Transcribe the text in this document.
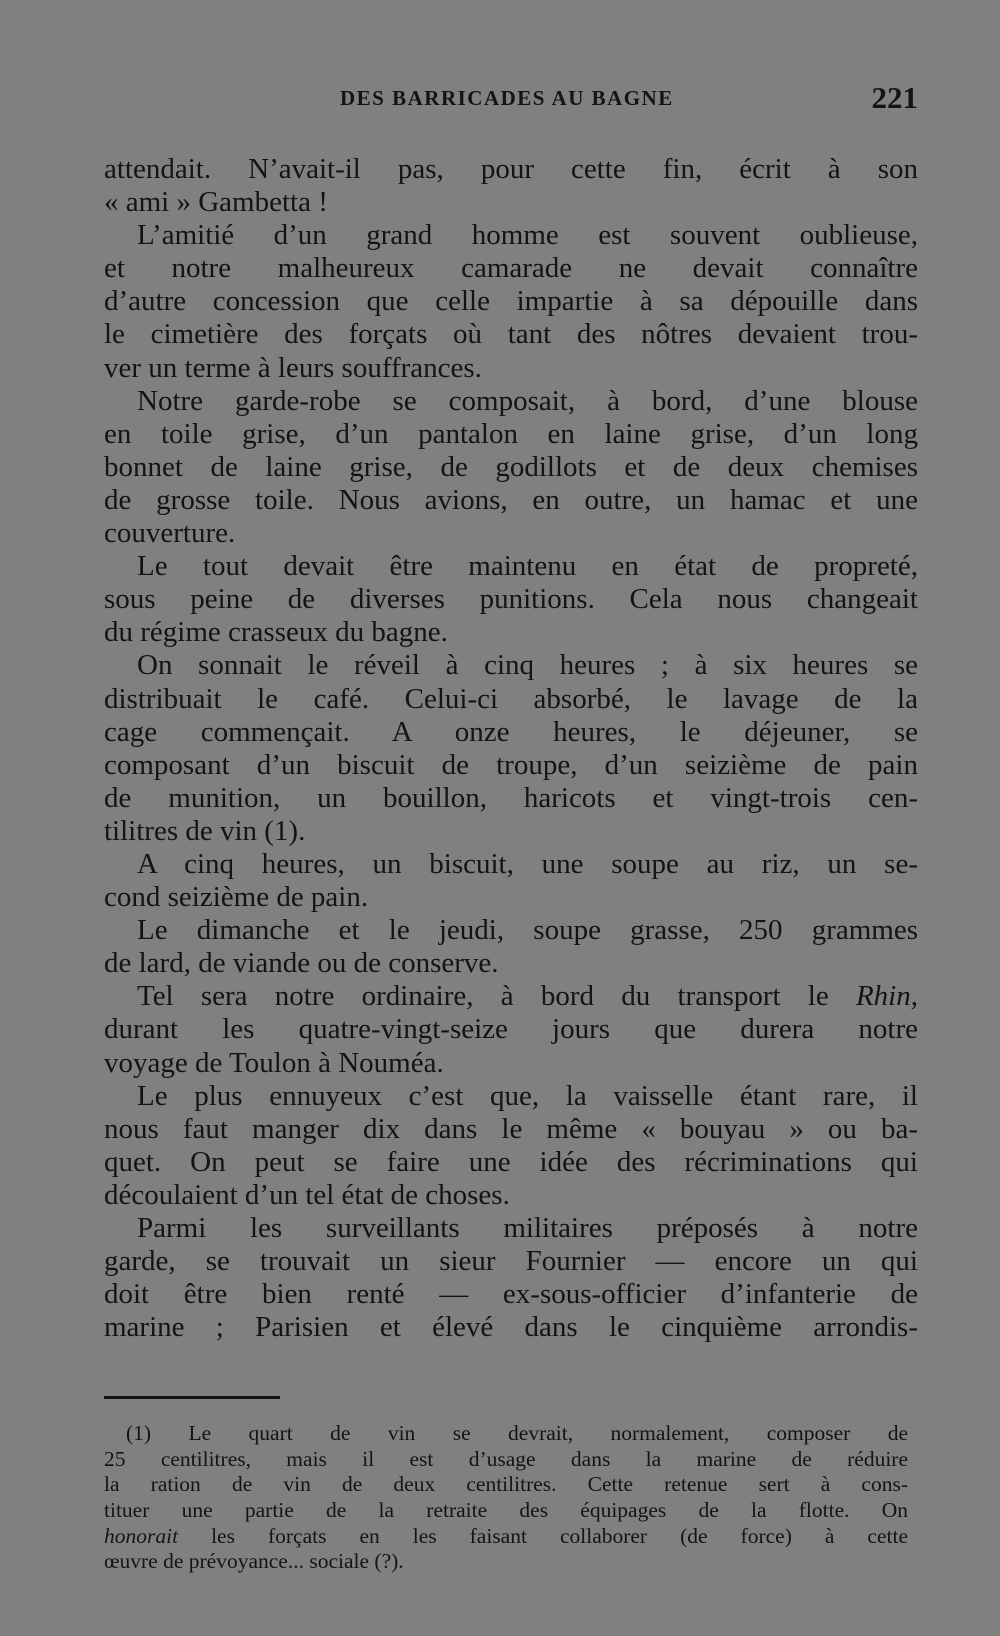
DES BARRICADES AU BAGNE	221
attendait. N’avait-il pas, pour cette fin, écrit à son
« ami » Gambetta !
L’amitié d’un grand homme est souvent oublieuse,
et notre malheureux camarade ne devait connaître
d’autre concession que celle impartie à sa dépouille dans
le cimetière des forçats où tant des nôtres devaient trou-
ver un terme à leurs souffrances.
Notre garde-robe se composait, à bord, d’une blouse
en toile grise, d’un pantalon en laine grise, d’un long
bonnet de laine grise, de godillots et de deux chemises
de grosse toile. Nous avions, en outre, un hamac et une
couverture.
Le tout devait être maintenu en état de propreté,
sous peine de diverses punitions. Cela nous changeait
du régime crasseux du bagne.
On sonnait le réveil à cinq heures ; à six heures se
distribuait le café. Celui-ci absorbé, le lavage de la
cage commençait. A onze heures, le déjeuner, se
composant d’un biscuit de troupe, d’un seizième de pain
de munition, un bouillon, haricots et vingt-trois cen-
tilitres de vin (1).
A cinq heures, un biscuit, une soupe au riz, un se-
cond seizième de pain.
Le dimanche et le jeudi, soupe grasse, 250 grammes
de lard, de viande ou de conserve.
Tel sera notre ordinaire, à bord du transport le Rhin,
durant les quatre-vingt-seize jours que durera notre
voyage de Toulon à Nouméa.
Le plus ennuyeux c’est que, la vaisselle étant rare, il
nous faut manger dix dans le même « bouyau » ou ba-
quet. On peut se faire une idée des récriminations qui
découlaient d’un tel état de choses.
Parmi les surveillants militaires préposés à notre
garde, se trouvait un sieur Fournier — encore un qui
doit être bien renté — ex-sous-officier d’infanterie de
marine ; Parisien et élevé dans le cinquième arrondis-
(1) Le quart de vin se devrait, normalement, composer de
25 centilitres, mais il est d’usage dans la marine de réduire
la ration de vin de deux centilitres. Cette retenue sert à cons-
tituer une partie de la retraite des équipages de la flotte. On
honorait les forçats en les faisant collaborer (de force) à cette
œuvre de prévoyance... sociale (?).
